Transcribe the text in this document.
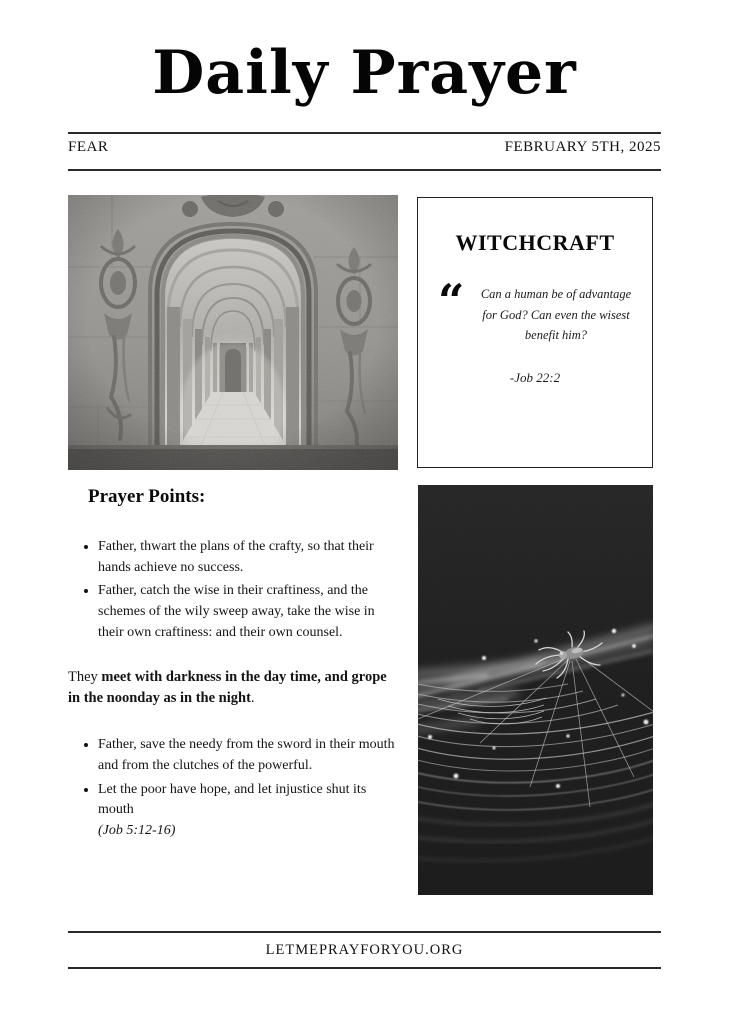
Daily Prayer
FEAR	FEBRUARY 5TH, 2025
WITCHCRAFT
“ Can a human be of advantage for God? Can even the wisest benefit him?
-Job 22:2
Prayer Points:
• Father, thwart the plans of the crafty, so that their hands achieve no success.
• Father, catch the wise in their craftiness, and the schemes of the wily sweep away, take the wise in their own craftiness: and their own counsel.

They meet with darkness in the day time, and grope in the noonday as in the night.

• Father, save the needy from the sword in their mouth and from the clutches of the powerful.
• Let the poor have hope, and let injustice shut its mouth
(Job 5:12-16)
LETMEPRAYFORYOU.ORG
